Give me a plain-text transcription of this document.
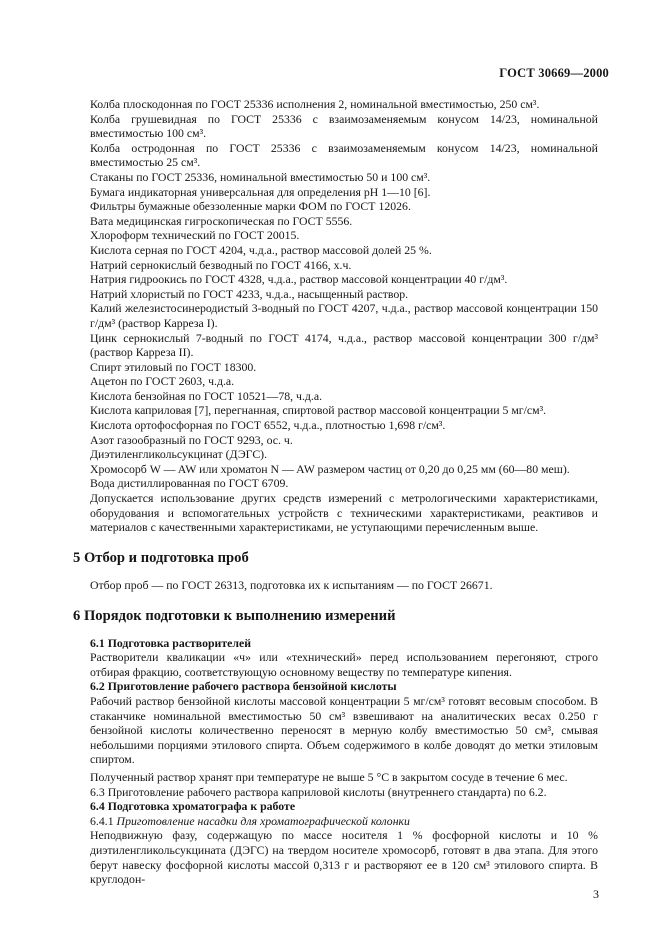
ГОСТ 30669—2000

Колба плоскодонная по ГОСТ 25336 исполнения 2, номинальной вместимостью, 250 см³.

Колба грушевидная по ГОСТ 25336 с взаимозаменяемым конусом 14/23, номинальной вместимостью 100 см³.

Колба остродонная по ГОСТ 25336 с взаимозаменяемым конусом 14/23, номинальной вместимостью 25 см³.

Стаканы по ГОСТ 25336, номинальной вместимостью 50 и 100 см³.

Бумага индикаторная универсальная для определения pH 1—10 [6].

Фильтры бумажные обеззоленные марки ФОМ по ГОСТ 12026.

Вата медицинская гигроскопическая по ГОСТ 5556.

Хлороформ технический по ГОСТ 20015.

Кислота серная по ГОСТ 4204, ч.д.а., раствор массовой долей 25 %.

Натрий сернокислый безводный по ГОСТ 4166, х.ч.

Натрия гидроокись по ГОСТ 4328, ч.д.а., раствор массовой концентрации 40 г/дм³.

Натрий хлористый по ГОСТ 4233, ч.д.а., насыщенный раствор.

Калий железистосинеродистый 3-водный по ГОСТ 4207, ч.д.а., раствор массовой концентрации 150 г/дм³ (раствор Карреза I).

Цинк сернокислый 7-водный по ГОСТ 4174, ч.д.а., раствор массовой концентрации 300 г/дм³ (раствор Карреза II).

Спирт этиловый по ГОСТ 18300.

Ацетон по ГОСТ 2603, ч.д.а.

Кислота бензойная по ГОСТ 10521—78, ч.д.а.

Кислота каприловая [7], перегнанная, спиртовой раствор массовой концентрации 5 мг/см³.

Кислота ортофосфорная по ГОСТ 6552, ч.д.а., плотностью 1,698 г/см³.

Азот газообразный по ГОСТ 9293, ос. ч.

Диэтиленгликольсукцинат (ДЭГС).

Хромосорб W — AW или хроматон N — AW размером частиц от 0,20 до 0,25 мм (60—80 меш).

Вода дистиллированная по ГОСТ 6709.

Допускается использование других средств измерений с метрологическими характеристиками, оборудования и вспомогательных устройств с техническими характеристиками, реактивов и материалов с качественными характеристиками, не уступающими перечисленным выше.

5 Отбор и подготовка проб

Отбор проб — по ГОСТ 26313, подготовка их к испытаниям — по ГОСТ 26671.

6 Порядок подготовки к выполнению измерений

6.1 Подготовка растворителей

Растворители кваликации «ч» или «технический» перед использованием перегоняют, строго отбирая фракцию, соответствующую основному веществу по температуре кипения.

6.2 Приготовление рабочего раствора бензойной кислоты

Рабочий раствор бензойной кислоты массовой концентрации 5 мг/см³ готовят весовым способом. В стаканчике номинальной вместимостью 50 см³ взвешивают на аналитических весах 0.250 г бензойной кислоты количественно переносят в мерную колбу вместимостью 50 см³, смывая небольшими порциями этилового спирта. Объем содержимого в колбе доводят до метки этиловым спиртом.

Полученный раствор хранят при температуре не выше 5 °С в закрытом сосуде в течение 6 мес.

6.3 Приготовление рабочего раствора каприловой кислоты (внутреннего стандарта) по 6.2.

6.4 Подготовка хроматографа к работе

6.4.1 Приготовление насадки для хроматографической колонки

Неподвижную фазу, содержащую по массе носителя 1 % фосфорной кислоты и 10 % диэтиленгликольсукцината (ДЭГС) на твердом носителе хромосорб, готовят в два этапа. Для этого берут навеску фосфорной кислоты массой 0,313 г и растворяют ее в 120 см³ этилового спирта. В круглодон-

3
